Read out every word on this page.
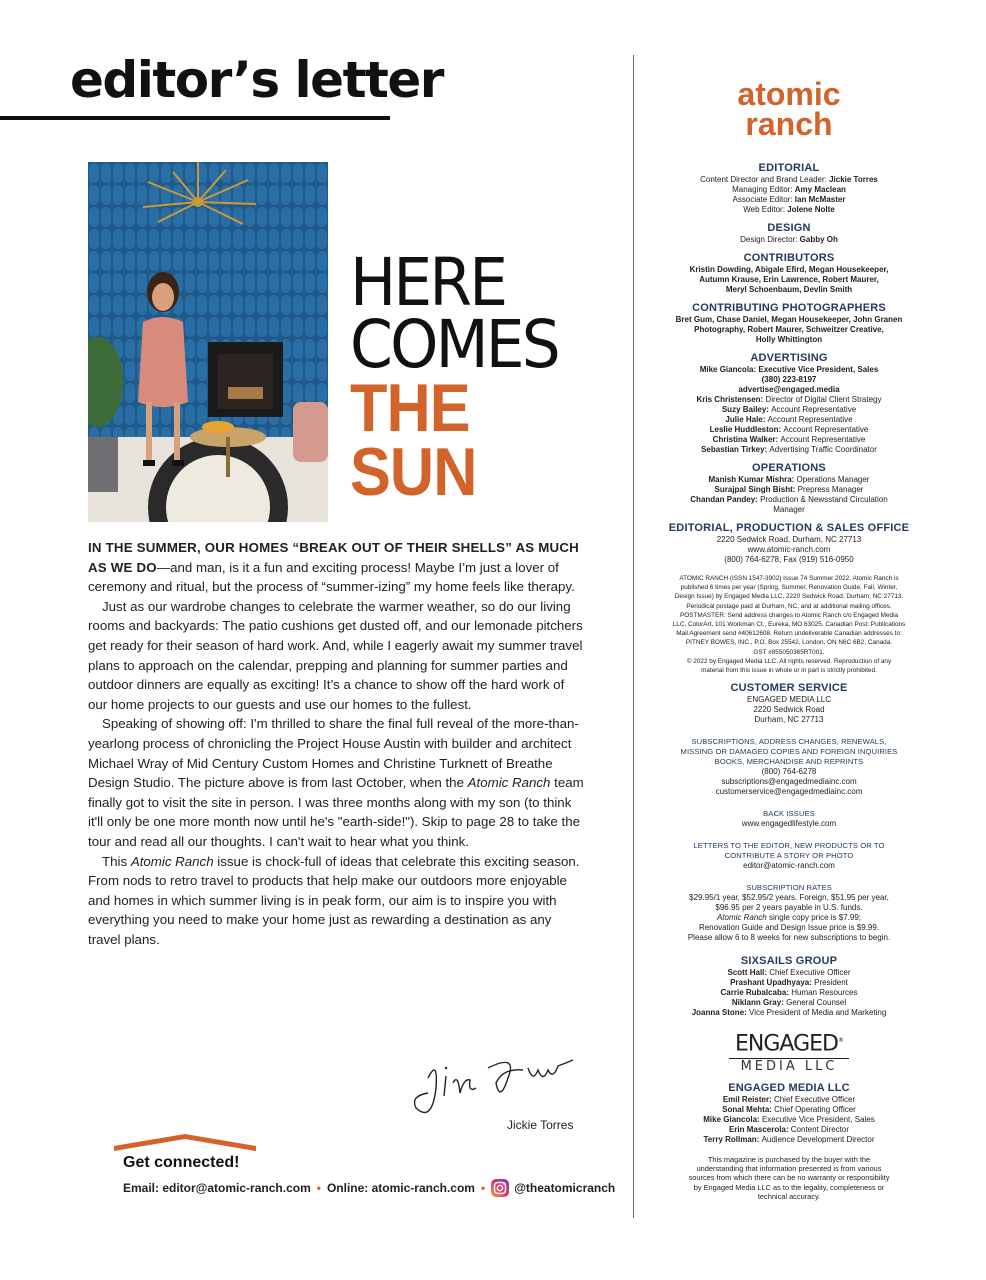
editor’s letter
HERE
COMES
THE
SUN

IN THE SUMMER, OUR HOMES “BREAK OUT OF THEIR SHELLS” AS MUCH AS WE DO—and man, is it a fun and exciting process! Maybe I’m just a lover of ceremony and ritual, but the process of “summer-izing” my home feels like therapy.

Just as our wardrobe changes to celebrate the warmer weather, so do our living rooms and backyards: The patio cushions get dusted off, and our lemonade pitchers get ready for their season of hard work. And, while I eagerly await my summer travel plans to approach on the calendar, prepping and planning for summer parties and outdoor dinners are equally as exciting! It’s a chance to show off the hard work of our home projects to our guests and use our homes to the fullest.

Speaking of showing off: I'm thrilled to share the final full reveal of the more-than-yearlong process of chronicling the Project House Austin with builder and architect Michael Wray of Mid Century Custom Homes and Christine Turknett of Breathe Design Studio. The picture above is from last October, when the Atomic Ranch team finally got to visit the site in person. I was three months along with my son (to think it'll only be one more month now until he's "earth-side!"). Skip to page 28 to take the tour and read all our thoughts. I can't wait to hear what you think.

This Atomic Ranch issue is chock-full of ideas that celebrate this exciting season. From nods to retro travel to products that help make our outdoors more enjoyable and homes in which summer living is in peak form, our aim is to inspire you with everything you need to make your home just as rewarding a destination as any travel plans.

Jickie Torres
Get connected!
Email: editor@atomic-ranch.com • Online: atomic-ranch.com • @theatomicranch
atomic
ranch
EDITORIAL
Content Director and Brand Leader: Jickie Torres
Managing Editor: Amy Maclean
Associate Editor: Ian McMaster
Web Editor: Jolene Nolte
DESIGN
Design Director: Gabby Oh
CONTRIBUTORS
Kristin Dowding, Abigale Efird, Megan Housekeeper,
Autumn Krause, Erin Lawrence, Robert Maurer,
Meryl Schoenbaum, Devlin Smith
CONTRIBUTING PHOTOGRAPHERS
Bret Gum, Chase Daniel, Megan Housekeeper, John Granen
Photography, Robert Maurer, Schweitzer Creative,
Holly Whittington
ADVERTISING
Mike Giancola: Executive Vice President, Sales
(380) 223-8197
advertise@engaged.media
Kris Christensen: Director of Digital Client Strategy
Suzy Bailey: Account Representative
Julie Hale: Account Representative
Leslie Huddleston: Account Representative
Christina Walker: Account Representative
Sebastian Tirkey: Advertising Traffic Coordinator
OPERATIONS
Manish Kumar Mishra: Operations Manager
Surajpal Singh Bisht: Prepress Manager
Chandan Pandey: Production & Newsstand Circulation
Manager
EDITORIAL, PRODUCTION & SALES OFFICE
2220 Sedwick Road, Durham, NC 27713
www.atomic-ranch.com
(800) 764-6278, Fax (919) 516-0950
ATOMIC RANCH (ISSN 1547-3902) Issue 74 Summer 2022. Atomic Ranch is
published 6 times per year (Spring, Summer, Renovation Guide, Fall, Winter,
Design Issue) by Engaged Media LLC, 2220 Sedwick Road, Durham, NC 27713.
Periodical postage paid at Durham, NC, and at additional mailing offices.
POSTMASTER: Send address changes to Atomic Ranch c/o Engaged Media
LLC, ColorArt, 101 Workman Ct., Eureka, MO 63025. Canadian Post: Publications
Mail Agreement send #40612608. Return undeliverable Canadian addresses to:
PITNEY BOWES, INC., P.O. Box 25542, London, ON N6C 6B2, Canada.
GST #855050365RT001.
© 2022 by Engaged Media LLC. All rights reserved. Reproduction of any
material from this issue in whole or in part is strictly prohibited.
CUSTOMER SERVICE
ENGAGED MEDIA LLC
2220 Sedwick Road
Durham, NC 27713
SUBSCRIPTIONS, ADDRESS CHANGES, RENEWALS,
MISSING OR DAMAGED COPIES AND FOREIGN INQUIRIES
BOOKS, MERCHANDISE AND REPRINTS
(800) 764-6278
subscriptions@engagedmediainc.com
customerservice@engagedmediainc.com
BACK ISSUES
www.engagedlifestyle.com
LETTERS TO THE EDITOR, NEW PRODUCTS OR TO
CONTRIBUTE A STORY OR PHOTO
editor@atomic-ranch.com
SUBSCRIPTION RATES
$29.95/1 year, $52.95/2 years. Foreign, $51.95 per year,
$96.95 per 2 years payable in U.S. funds.
Atomic Ranch single copy price is $7.99;
Renovation Guide and Design Issue price is $9.99.
Please allow 6 to 8 weeks for new subscriptions to begin.
SIXSAILS GROUP
Scott Hall: Chief Executive Officer
Prashant Upadhyaya: President
Carrie Rubalcaba: Human Resources
Niklann Gray: General Counsel
Joanna Stone: Vice President of Media and Marketing
ENGAGED®
MEDIA LLC
ENGAGED MEDIA LLC
Emil Reister: Chief Executive Officer
Sonal Mehta: Chief Operating Officer
Mike Giancola: Executive Vice President, Sales
Erin Mascerola: Content Director
Terry Rollman: Audience Development Director
This magazine is purchased by the buyer with the
understanding that information presented is from various
sources from which there can be no warranty or responsibility
by Engaged Media LLC as to the legality, completeness or
technical accuracy.
